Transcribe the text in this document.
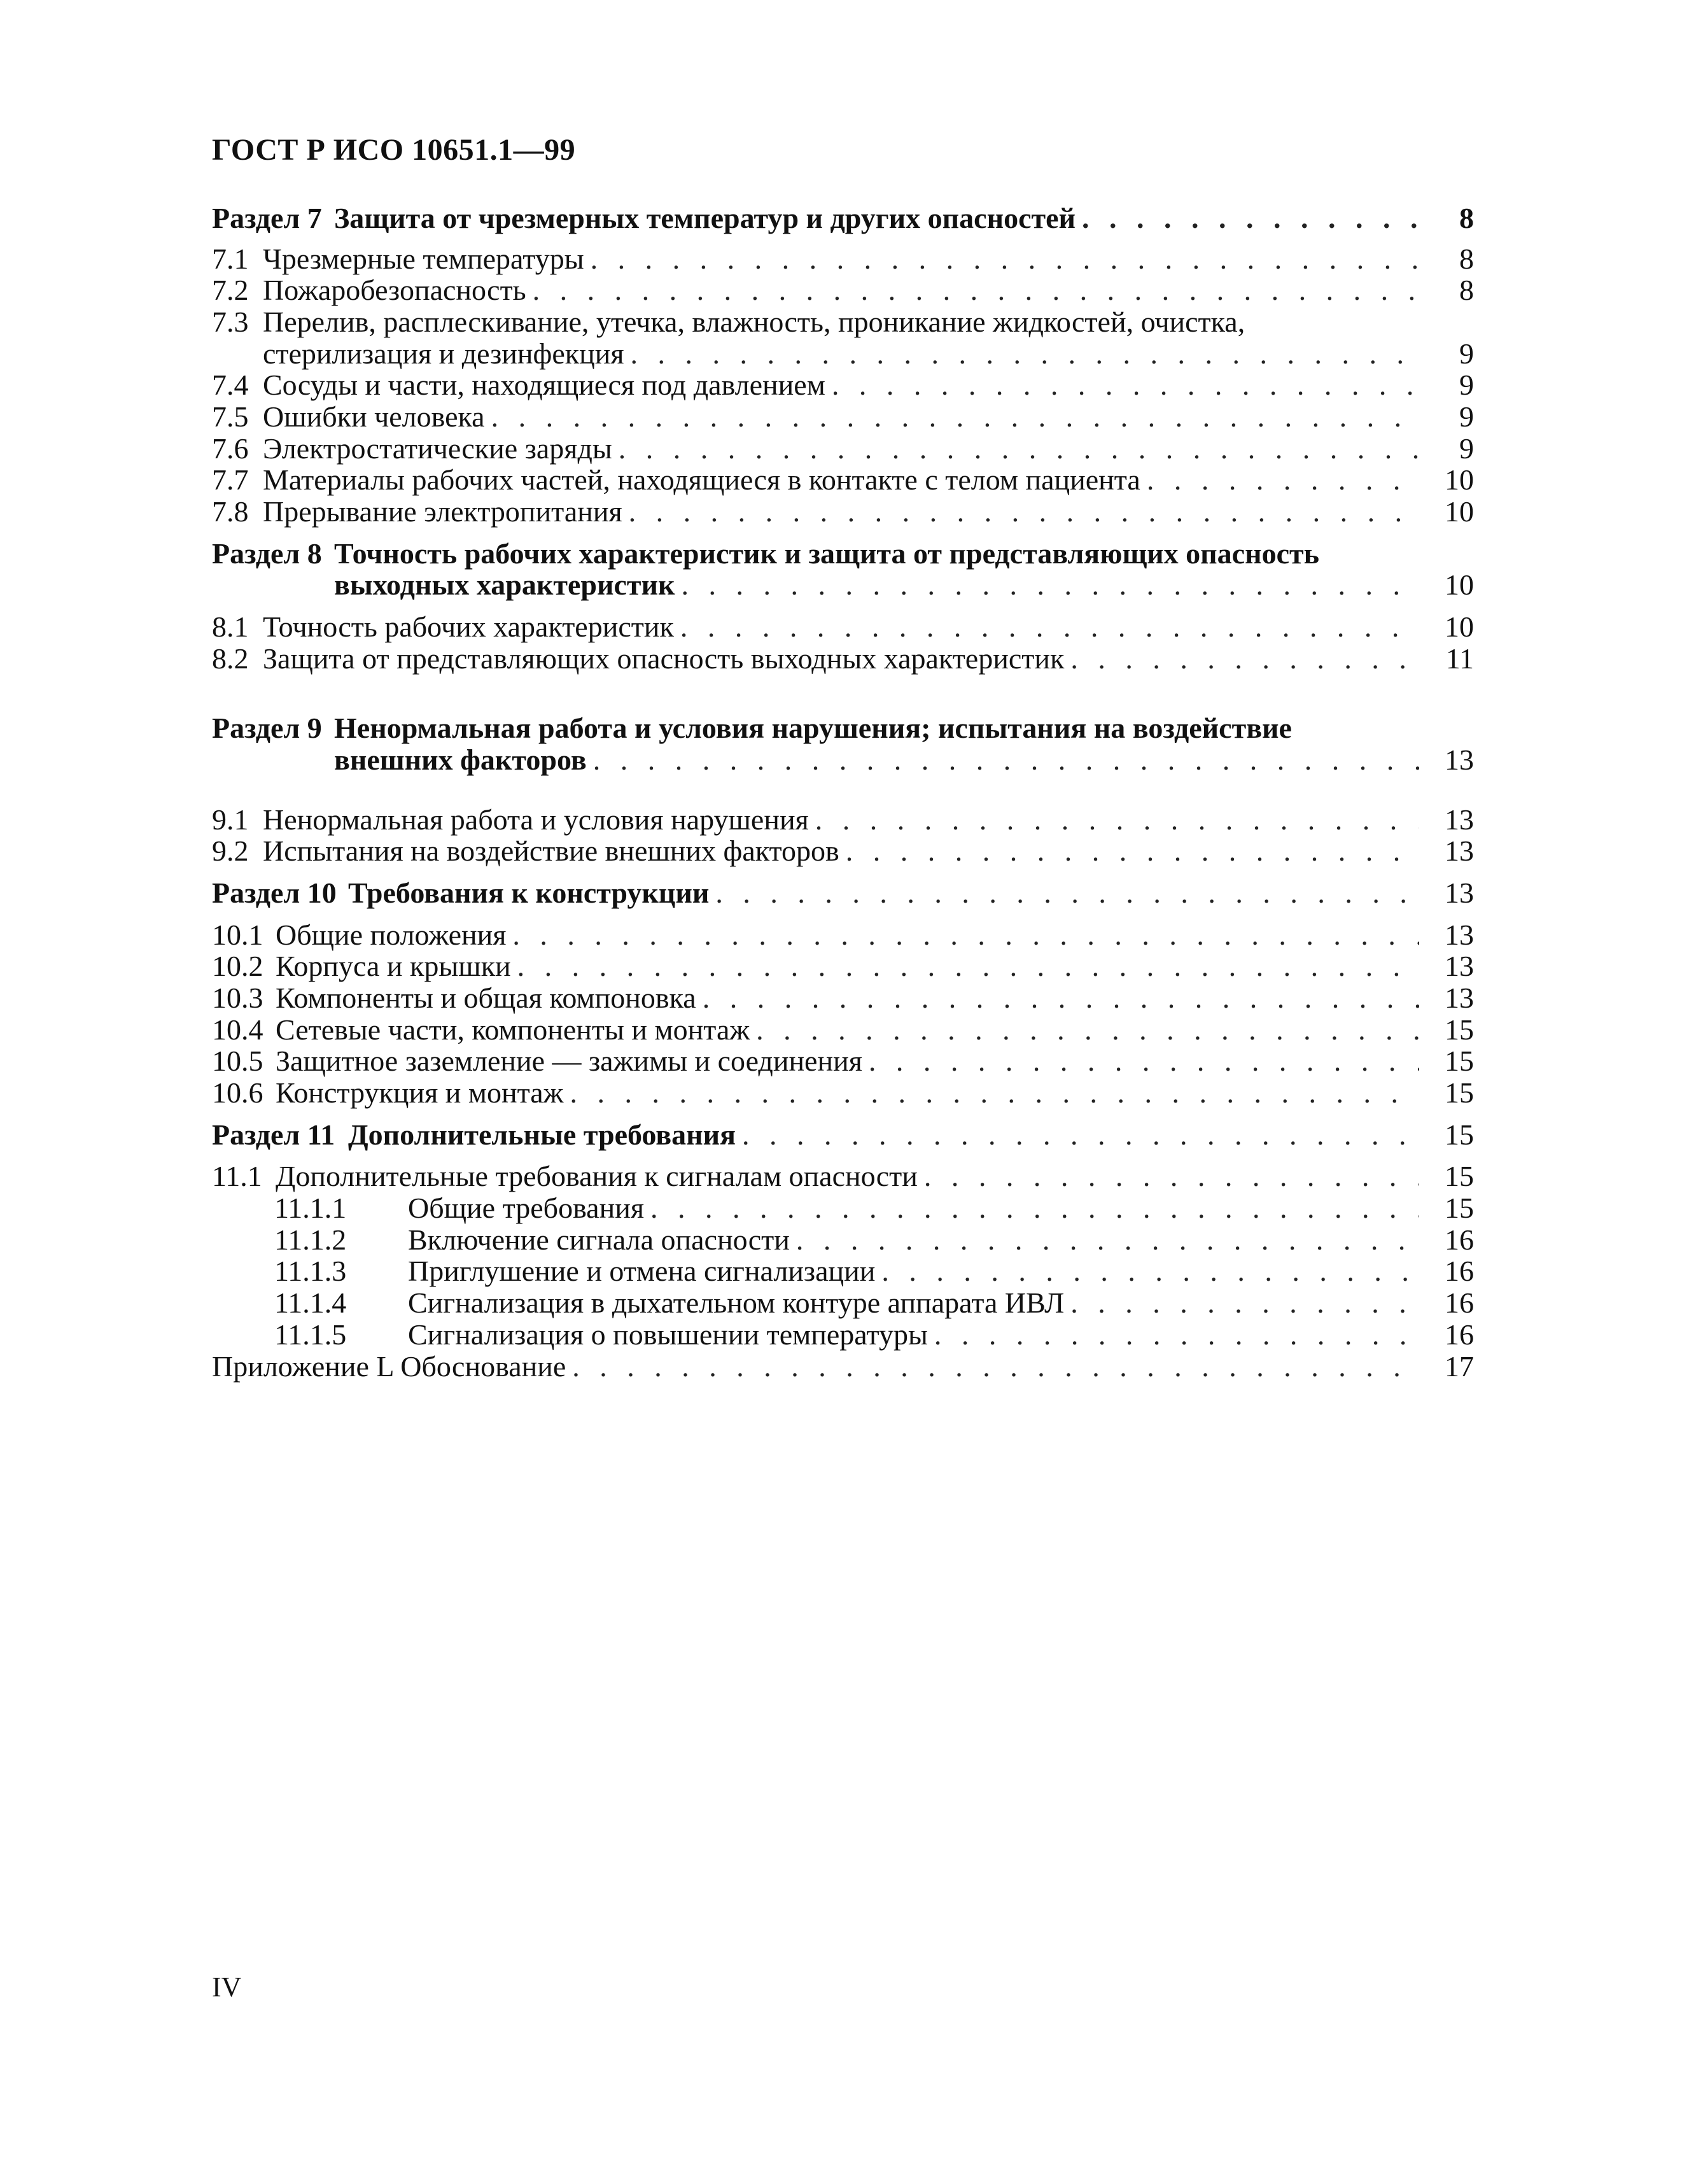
ГОСТ Р ИСО 10651.1—99
Раздел 7 Защита от чрезмерных температур и других опасностей . . .	8
7.1 Чрезмерные температуры . . .	8
7.2 Пожаробезопасность . . .	8
7.3 Перелив, расплескивание, утечка, влажность, проникание жидкостей, очистка,
стерилизация и дезинфекция . . .	9
7.4 Сосуды и части, находящиеся под давлением . . .	9
7.5 Ошибки человека . . .	9
7.6 Электростатические заряды . . .	9
7.7 Материалы рабочих частей, находящиеся в контакте с телом пациента . . .	10
7.8 Прерывание электропитания . . .	10
Раздел 8 Точность рабочих характеристик и защита от представляющих опасность
выходных характеристик . . .	10
8.1 Точность рабочих характеристик . . .	10
8.2 Защита от представляющих опасность выходных характеристик . . .	11
Раздел 9 Ненормальная работа и условия нарушения; испытания на воздействие
внешних факторов . . .	13
9.1 Ненормальная работа и условия нарушения . . .	13
9.2 Испытания на воздействие внешних факторов . . .	13
Раздел 10 Требования к конструкции . . .	13
10.1 Общие положения . . .	13
10.2 Корпуса и крышки . . .	13
10.3 Компоненты и общая компоновка . . .	13
10.4 Сетевые части, компоненты и монтаж . . .	15
10.5 Защитное заземление — зажимы и соединения . . .	15
10.6 Конструкция и монтаж . . .	15
Раздел 11 Дополнительные требования . . .	15
11.1 Дополнительные требования к сигналам опасности . . .	15
11.1.1	Общие требования . . .	15
11.1.2	Включение сигнала опасности . . .	16
11.1.3	Приглушение и отмена сигнализации . . .	16
11.1.4	Сигнализация в дыхательном контуре аппарата ИВЛ . . .	16
11.1.5	Сигнализация о повышении температуры . . .	16
Приложение L Обоснование . . .	17
IV
